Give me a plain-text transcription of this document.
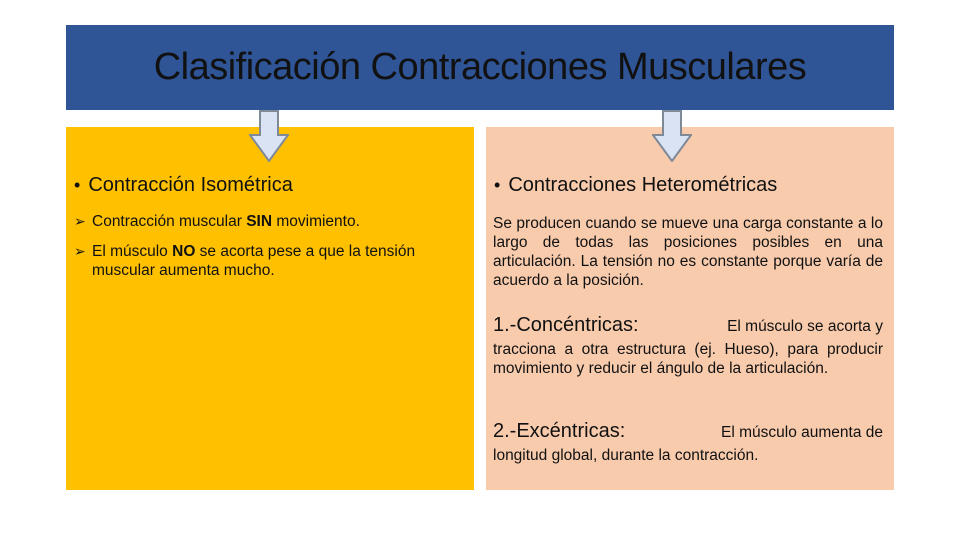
Clasificación Contracciones Musculares
• Contracción Isométrica
➢ Contracción muscular SIN movimiento.
➢ El músculo NO se acorta pese a que la tensión muscular aumenta mucho.
• Contracciones Heterométricas

Se producen cuando se mueve una carga constante a lo largo de todas las posiciones posibles en una articulación. La tensión no es constante porque varía de acuerdo a la posición.

1.-Concéntricas:	El músculo se acorta y

tracciona a otra estructura (ej. Hueso), para producir movimiento y reducir el ángulo de la articulación.

2.-Excéntricas:	El músculo aumenta de

longitud global, durante la contracción.
